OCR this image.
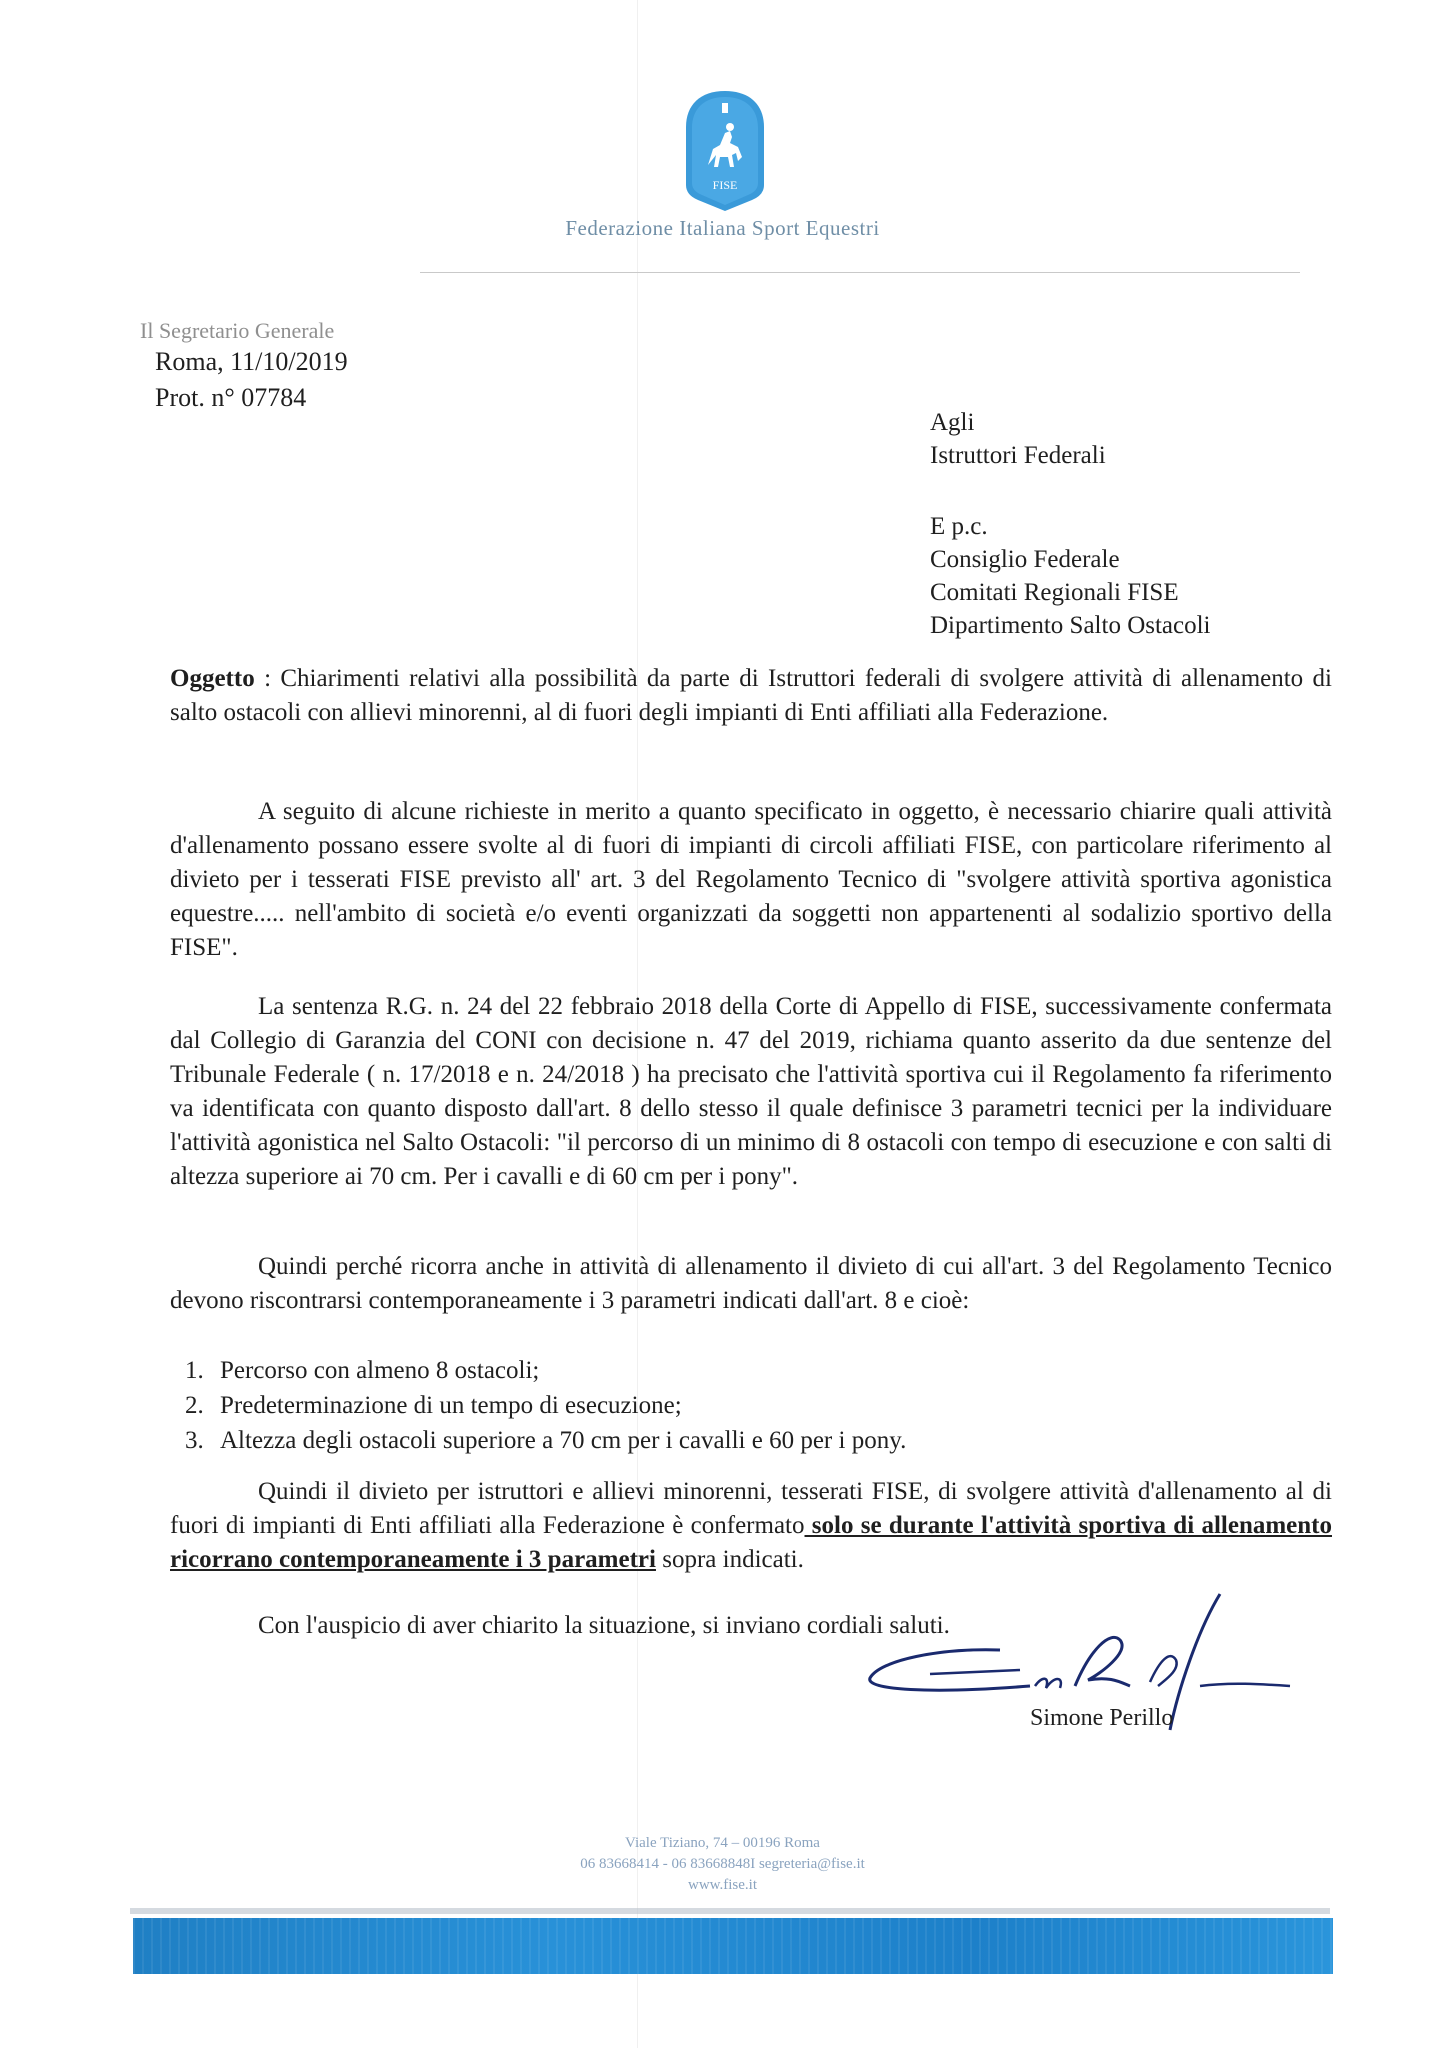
FISE
Federazione Italiana Sport Equestri
Il Segretario Generale
Roma, 11/10/2019
Prot. n° 07784
Agli
Istruttori Federali
E p.c.
Consiglio Federale
Comitati Regionali FISE
Dipartimento Salto Ostacoli
Oggetto : Chiarimenti relativi alla possibilità da parte di Istruttori federali di svolgere attività di allenamento di salto ostacoli con allievi minorenni, al di fuori degli impianti di Enti affiliati alla Federazione.
A seguito di alcune richieste in merito a quanto specificato in oggetto, è necessario chiarire quali attività d'allenamento possano essere svolte al di fuori di impianti di circoli affiliati FISE, con particolare riferimento al divieto per i tesserati FISE previsto all' art. 3 del Regolamento Tecnico di "svolgere attività sportiva agonistica equestre..... nell'ambito di società e/o eventi organizzati da soggetti non appartenenti al sodalizio sportivo della FISE".
La sentenza R.G. n. 24 del 22 febbraio 2018 della Corte di Appello di FISE, successivamente confermata dal Collegio di Garanzia del CONI con decisione n. 47 del 2019, richiama quanto asserito da due sentenze del Tribunale Federale ( n. 17/2018 e n. 24/2018 ) ha precisato che l'attività sportiva cui il Regolamento fa riferimento va identificata con quanto disposto dall'art. 8 dello stesso il quale definisce 3 parametri tecnici per la individuare l'attività agonistica nel Salto Ostacoli: "il percorso di un minimo di 8 ostacoli con tempo di esecuzione e con salti di altezza superiore ai 70 cm. Per i cavalli e di 60 cm per i pony".
Quindi perché ricorra anche in attività di allenamento il divieto di cui all'art. 3 del Regolamento Tecnico devono riscontrarsi contemporaneamente i 3 parametri indicati dall'art. 8 e cioè:
1. Percorso con almeno 8 ostacoli;
2. Predeterminazione di un tempo di esecuzione;
3. Altezza degli ostacoli superiore a 70 cm per i cavalli e 60 per i pony.
Quindi il divieto per istruttori e allievi minorenni, tesserati FISE, di svolgere attività d'allenamento al di fuori di impianti di Enti affiliati alla Federazione è confermato solo se durante l'attività sportiva di allenamento ricorrano contemporaneamente i 3 parametri sopra indicati.
Con l'auspicio di aver chiarito la situazione, si inviano cordiali saluti.
Simone Perillo
Viale Tiziano, 74 – 00196 Roma
06 83668414 - 06 83668848I segreteria@fise.it
www.fise.it
